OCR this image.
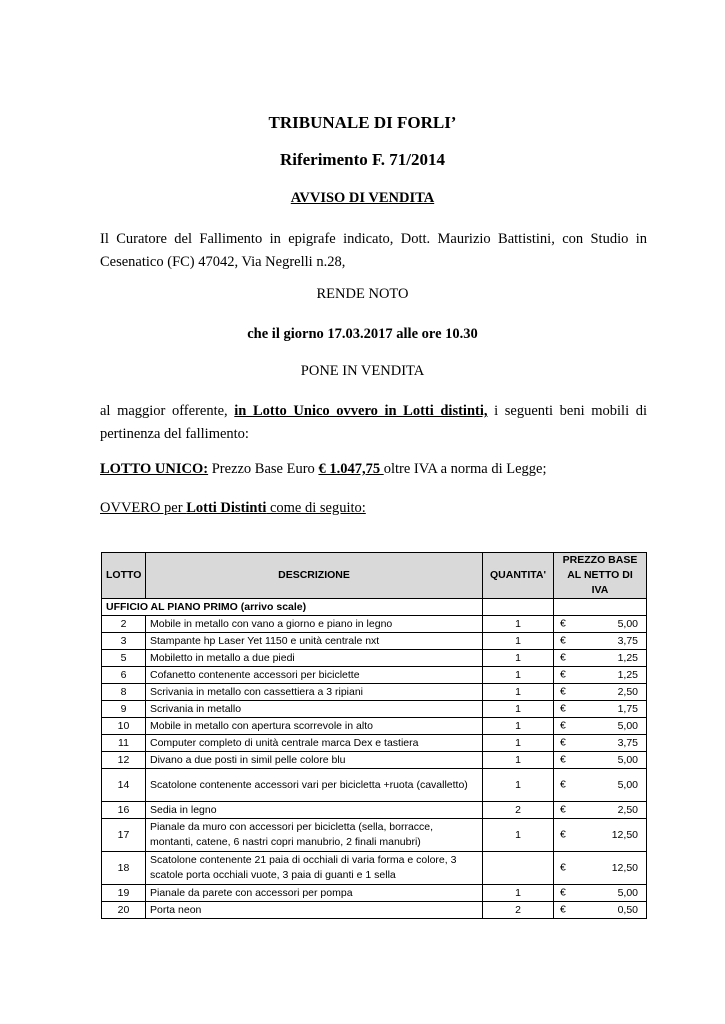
TRIBUNALE DI FORLI’
Riferimento F. 71/2014
AVVISO DI VENDITA
Il Curatore del Fallimento in epigrafe indicato, Dott. Maurizio Battistini, con Studio in Cesenatico (FC) 47042, Via Negrelli n.28,
RENDE NOTO
che il giorno 17.03.2017 alle ore 10.30
PONE IN VENDITA
al maggior offerente, in Lotto Unico ovvero in Lotti distinti, i seguenti beni mobili di pertinenza del fallimento:
LOTTO UNICO: Prezzo Base Euro € 1.047,75 oltre IVA a norma di Legge;
OVVERO per Lotti Distinti come di seguito:
LOTTO	DESCRIZIONE	QUANTITA'	PREZZO BASE AL NETTO DI IVA
UFFICIO AL PIANO PRIMO (arrivo scale)			
2	Mobile in metallo con vano a giorno e piano in legno	1	€ 5,00
3	Stampante hp Laser Yet 1150 e unità centrale nxt	1	€ 3,75
5	Mobiletto in metallo a due piedi	1	€ 1,25
6	Cofanetto contenente accessori per biciclette	1	€ 1,25
8	Scrivania in metallo con cassettiera a 3 ripiani	1	€ 2,50
9	Scrivania in metallo	1	€ 1,75
10	Mobile in metallo con apertura scorrevole in alto	1	€ 5,00
11	Computer completo di unità centrale marca Dex e tastiera	1	€ 3,75
12	Divano a due posti in simil pelle colore blu	1	€ 5,00
14	Scatolone contenente accessori vari per bicicletta +ruota (cavalletto)	1	€ 5,00
16	Sedia in legno	2	€ 2,50
17	Pianale da muro con accessori per bicicletta (sella, borracce, montanti, catene, 6 nastri copri manubrio, 2 finali manubri)	1	€ 12,50
18	Scatolone contenente 21 paia di occhiali di varia forma e colore, 3 scatole porta occhiali vuote, 3 paia di guanti e 1 sella		€ 12,50
19	Pianale da parete con accessori per pompa	1	€ 5,00
20	Porta neon	2	€ 0,50
